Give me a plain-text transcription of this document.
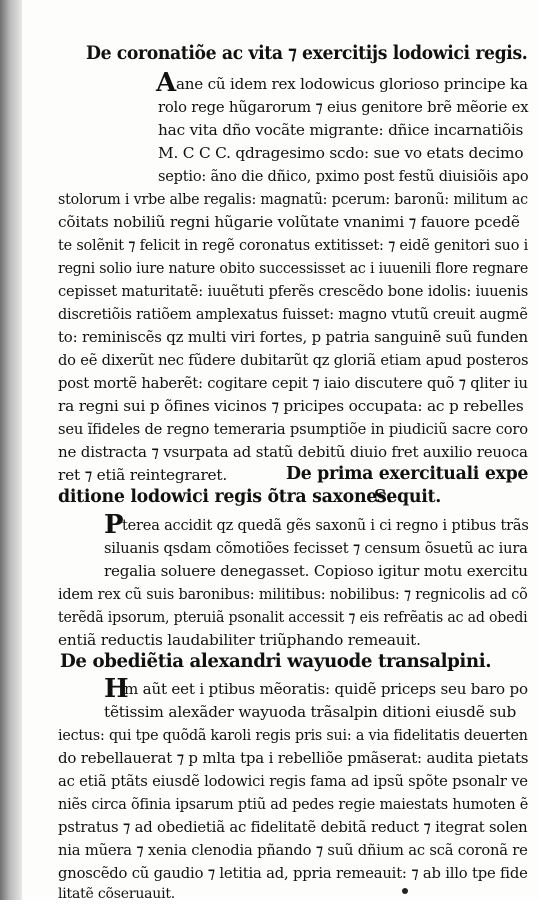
De coronatiõe ac vita ⁊ exercitijs lodowici regis.
A ane cũ idem rex lodowicus glorioso principe ka
rolo rege hũgarorum ⁊ eius genitore brẽ mẽorie ex
hac vita dño vocãte migrante: dñice incarnatiõis
M. C C C. qdragesimo scdo: sue vo etats decimo
septio: ãno die dñico, pximo post festũ diuisiõis apo
stolorum i vrbe albe regalis: magnatũ: pcerum: baronũ: militum ac
cõitats nobiliũ regni hũgarie volũtate vnanimi ⁊ fauore pcedẽ
te solẽnit ⁊ felicit in regẽ coronatus extitisset: ⁊ eidẽ genitori suo i
regni solio iure nature obito successisset ac i iuuenili flore regnare
cepisset maturitatẽ: iuuẽtuti pferẽs crescẽdo bone idolis: iuuenis
discretiõis ratiõem amplexatus fuisset: magno vtutũ creuit augmẽ
to: reminiscẽs qz multi viri fortes, p patria sanguinẽ suũ funden
do eẽ dixerũt nec fũdere dubitarũt qz gloriã etiam apud posteros
post mortẽ haberẽt: cogitare cepit ⁊ iaio discutere quõ ⁊ qliter iu
ra regni sui p õfines vicinos ⁊ pricipes occupata: ac p rebelles
seu ĩfideles de regno temeraria psumptiõe in piudiciũ sacre coro
ne distracta ⁊ vsurpata ad statũ debitũ diuio fret auxilio reuoca
ret ⁊ etiã reintegraret.	De prima exercituali expe
ditione lodowici regis õtra saxones.
Sequit.
P
terea accidit qz quedã gẽs saxonũ i ci regno i ptibus trãs
siluanis qsdam cõmotiões fecisset ⁊ censum õsuetũ ac iura
regalia soluere denegasset. Copioso igitur motu exercitu
idem rex cũ suis baronibus: militibus: nobilibus: ⁊ regnicolis ad cõ
terẽdã ipsorum, pteruiã psonalit accessit ⁊ eis refrẽatis ac ad obedi
entiã reductis laudabiliter triũphando remeauit.
De obediẽtia alexandri wayuode transalpini.
H
m aũt eet i ptibus mẽoratis: quidẽ priceps seu baro po
tẽtissim alexãder wayuoda trãsalpin ditioni eiusdẽ sub
iectus: qui tpe quõdã karoli regis pris sui: a via fidelitatis deuerten
do rebellauerat ⁊ p mlta tpa i rebelliõe pmãserat: audita pietats
ac etiã ptãts eiusdẽ lodowici regis fama ad ipsũ spõte psonalr ve
niẽs circa õfinia ipsarum ptiũ ad pedes regie maiestats humoten ẽ
pstratus ⁊ ad obedietiã ac fidelitatẽ debitã reduct ⁊ itegrat solen
nia mũera ⁊ xenia clenodia pñando ⁊ suũ dñium ac scã coronã re
gnoscẽdo cũ gaudio ⁊ letitia ad, ppria remeauit: ⁊ ab illo tpe fide
litatẽ cõseruauit.
